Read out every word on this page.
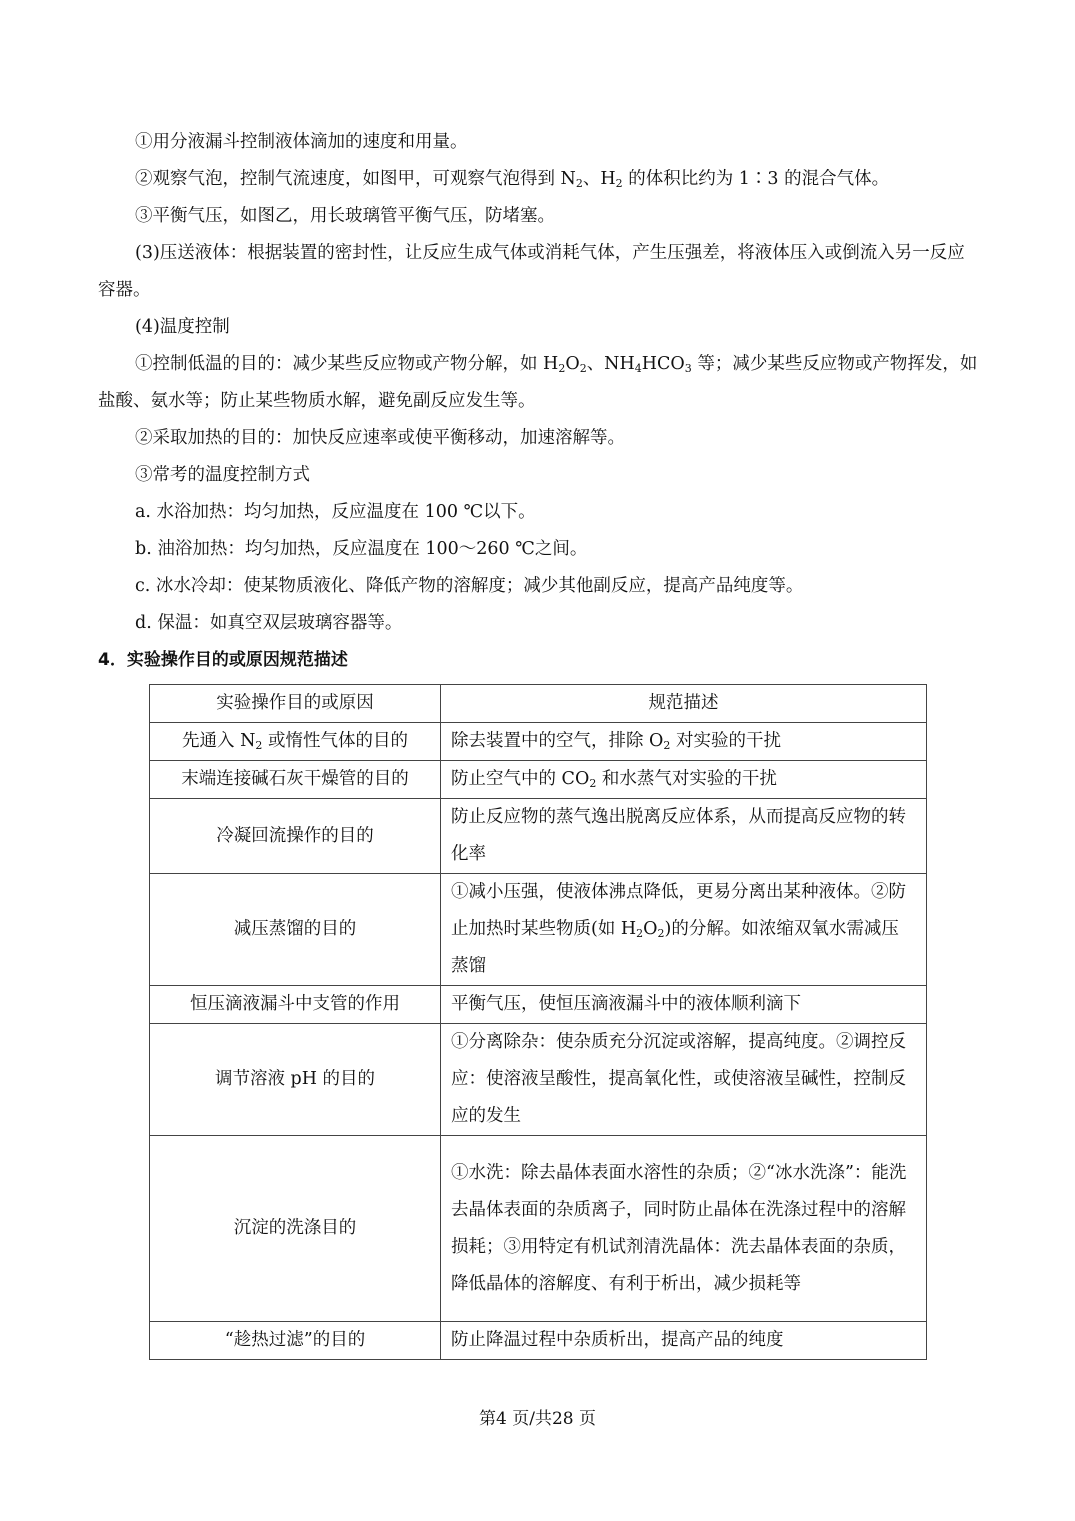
①用分液漏斗控制液体滴加的速度和用量。

②观察气泡，控制气流速度，如图甲，可观察气泡得到 $N_2$、$H_2$ 的体积比约为 1∶3 的混合气体。

③平衡气压，如图乙，用长玻璃管平衡气压，防堵塞。

(3)压送液体：根据装置的密封性，让反应生成气体或消耗气体，产生压强差，将液体压入或倒流入另一反应容器。

(4)温度控制

①控制低温的目的：减少某些反应物或产物分解，如 $H_2O_2$、$NH_4HCO_3$ 等；减少某些反应物或产物挥发，如盐酸、氨水等；防止某些物质水解，避免副反应发生等。

②采取加热的目的：加快反应速率或使平衡移动，加速溶解等。

③常考的温度控制方式

a. 水浴加热：均匀加热，反应温度在 100 ℃以下。

b. 油浴加热：均匀加热，反应温度在 100～260 ℃之间。

c. 冰水冷却：使某物质液化、降低产物的溶解度；减少其他副反应，提高产品纯度等。

d. 保温：如真空双层玻璃容器等。

4．实验操作目的或原因规范描述

实验操作目的或原因	规范描述
先通入 $N_2$ 或惰性气体的目的	除去装置中的空气，排除 $O_2$ 对实验的干扰
末端连接碱石灰干燥管的目的	防止空气中的 $CO_2$ 和水蒸气对实验的干扰
冷凝回流操作的目的	防止反应物的蒸气逸出脱离反应体系，从而提高反应物的转化率
减压蒸馏的目的	①减小压强，使液体沸点降低，更易分离出某种液体。②防止加热时某些物质(如 $H_2O_2$)的分解。如浓缩双氧水需减压蒸馏
恒压滴液漏斗中支管的作用	平衡气压，使恒压滴液漏斗中的液体顺利滴下
调节溶液 pH 的目的	①分离除杂：使杂质充分沉淀或溶解，提高纯度。②调控反应：使溶液呈酸性，提高氧化性，或使溶液呈碱性，控制反应的发生
沉淀的洗涤目的	①水洗：除去晶体表面水溶性的杂质；②“冰水洗涤”：能洗去晶体表面的杂质离子，同时防止晶体在洗涤过程中的溶解损耗；③用特定有机试剂清洗晶体：洗去晶体表面的杂质，降低晶体的溶解度、有利于析出，减少损耗等
“趁热过滤”的目的	防止降温过程中杂质析出，提高产品的纯度
第4 页/共28 页
